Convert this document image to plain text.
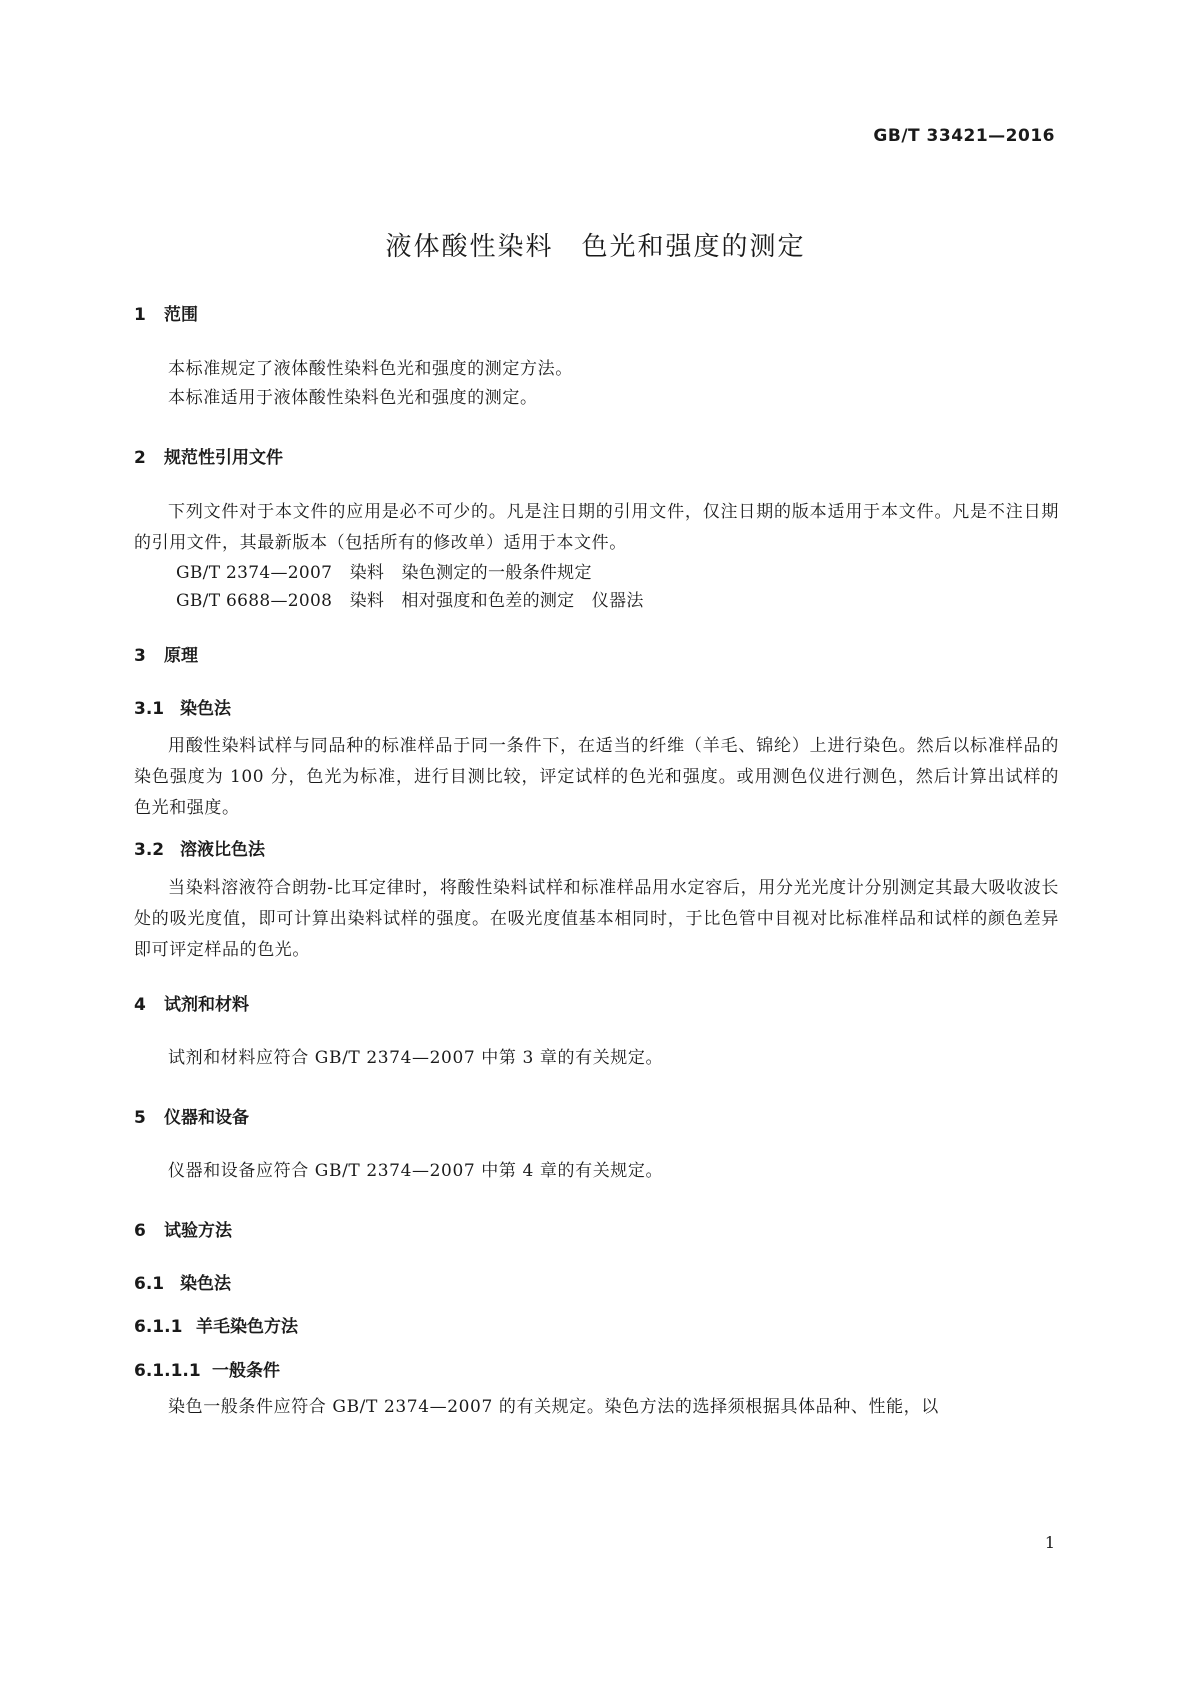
GB/T 33421—2016
液体酸性染料　色光和强度的测定
1 范围
本标准规定了液体酸性染料色光和强度的测定方法。
本标准适用于液体酸性染料色光和强度的测定。
2 规范性引用文件
下列文件对于本文件的应用是必不可少的。凡是注日期的引用文件，仅注日期的版本适用于本文件。凡是不注日期的引用文件，其最新版本（包括所有的修改单）适用于本文件。
GB/T 2374—2007　染料　染色测定的一般条件规定
GB/T 6688—2008　染料　相对强度和色差的测定　仪器法
3 原理
3.1 染色法
用酸性染料试样与同品种的标准样品于同一条件下，在适当的纤维（羊毛、锦纶）上进行染色。然后以标准样品的染色强度为 100 分，色光为标准，进行目测比较，评定试样的色光和强度。或用测色仪进行测色，然后计算出试样的色光和强度。
3.2 溶液比色法
当染料溶液符合朗勃-比耳定律时，将酸性染料试样和标准样品用水定容后，用分光光度计分别测定其最大吸收波长处的吸光度值，即可计算出染料试样的强度。在吸光度值基本相同时，于比色管中目视对比标准样品和试样的颜色差异即可评定样品的色光。
4 试剂和材料
试剂和材料应符合 GB/T 2374—2007 中第 3 章的有关规定。
5 仪器和设备
仪器和设备应符合 GB/T 2374—2007 中第 4 章的有关规定。
6 试验方法
6.1 染色法
6.1.1 羊毛染色方法
6.1.1.1 一般条件
染色一般条件应符合 GB/T 2374—2007 的有关规定。染色方法的选择须根据具体品种、性能，以
1
